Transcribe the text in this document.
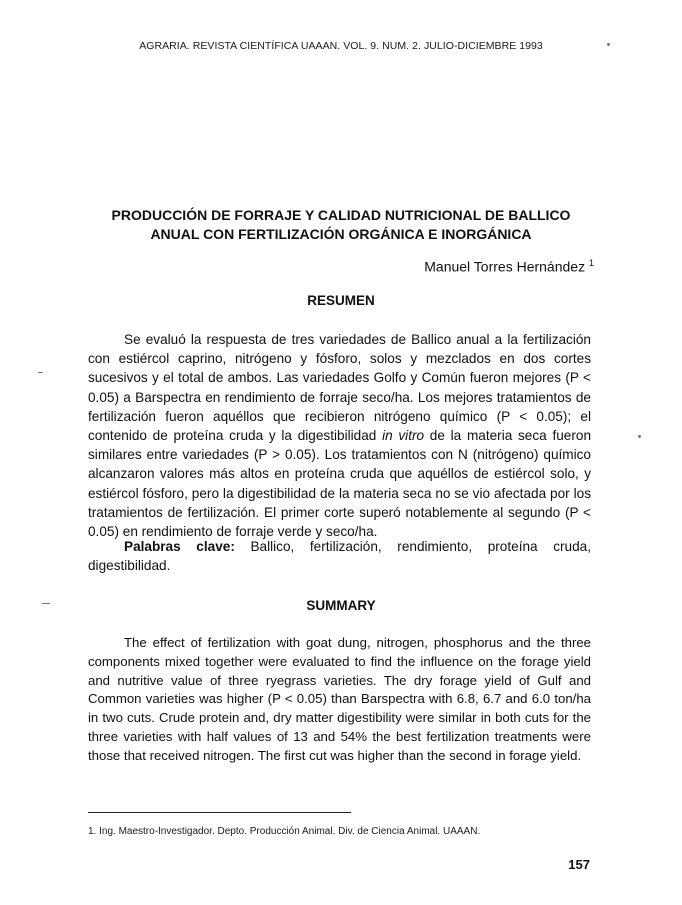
AGRARIA. REVISTA CIENTÍFICA UAAAN. VOL. 9. NUM. 2. JULIO-DICIEMBRE 1993
PRODUCCIÓN DE FORRAJE Y CALIDAD NUTRICIONAL DE BALLICO
ANUAL CON FERTILIZACIÓN ORGÁNICA E INORGÁNICA
Manuel Torres Hernández $^1$
RESUMEN
Se evaluó la respuesta de tres variedades de Ballico anual a la fertilización con estiércol caprino, nitrógeno y fósforo, solos y mezclados en dos cortes sucesivos y el total de ambos. Las variedades Golfo y Común fueron mejores (P < 0.05) a Barspectra en rendimiento de forraje seco/ha. Los mejores tratamientos de fertilización fueron aquéllos que recibieron nitrógeno químico (P < 0.05); el contenido de proteína cruda y la digestibilidad in vitro de la materia seca fueron similares entre variedades (P > 0.05). Los tratamientos con N (nitrógeno) químico alcanzaron valores más altos en proteína cruda que aquéllos de estiércol solo, y estiércol fósforo, pero la digestibilidad de la materia seca no se vio afectada por los tratamientos de fertilización. El primer corte superó notablemente al segundo (P < 0.05) en rendimiento de forraje verde y seco/ha.
Palabras clave: Ballico, fertilización, rendimiento, proteína cruda, digestibilidad.
SUMMARY
The effect of fertilization with goat dung, nitrogen, phosphorus and the three components mixed together were evaluated to find the influence on the forage yield and nutritive value of three ryegrass varieties. The dry forage yield of Gulf and Common varieties was higher (P < 0.05) than Barspectra with 6.8, 6.7 and 6.0 ton/ha in two cuts. Crude protein and, dry matter digestibility were similar in both cuts for the three varieties with half values of 13 and 54% the best fertilization treatments were those that received nitrogen. The first cut was higher than the second in forage yield.
1. Ing. Maestro-Investigador. Depto. Producción Animal. Div. de Ciencia Animal. UAAAN.
157
